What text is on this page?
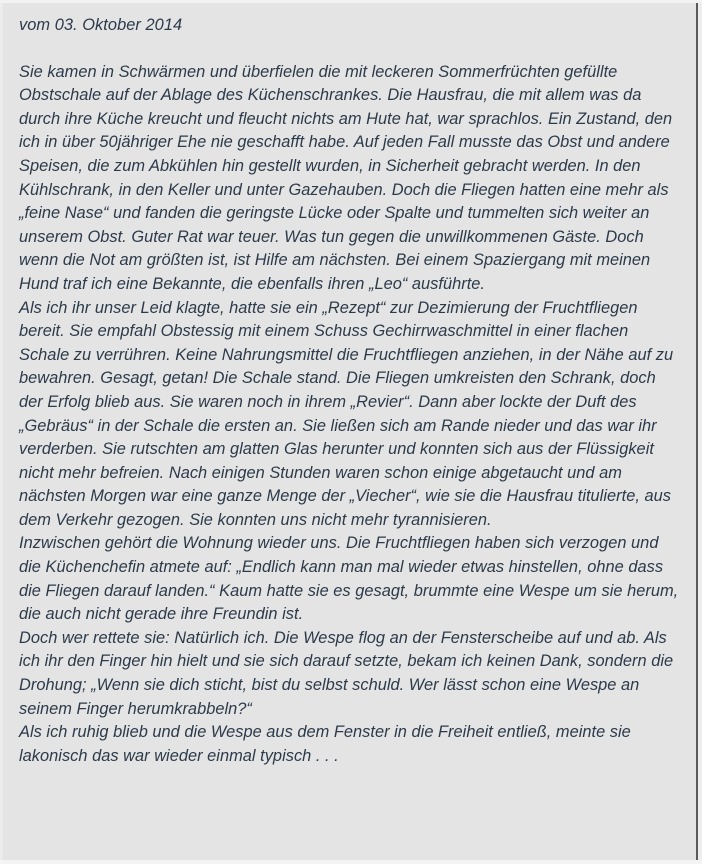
vom 03. Oktober 2014

Sie kamen in Schwärmen und überfielen die mit leckeren Sommerfrüchten gefüllte Obstschale auf der Ablage des Küchenschrankes. Die Hausfrau, die mit allem was da durch ihre Küche kreucht und fleucht nichts am Hute hat, war sprachlos. Ein Zustand, den ich in über 50jähriger Ehe nie geschafft habe. Auf jeden Fall musste das Obst und andere Speisen, die zum Abkühlen hin gestellt wurden, in Sicherheit gebracht werden. In den Kühlschrank, in den Keller und unter Gazehauben. Doch die Fliegen hatten eine mehr als „feine Nase“ und fanden die geringste Lücke oder Spalte und tummelten sich weiter an unserem Obst. Guter Rat war teuer. Was tun gegen die unwillkommenen Gäste. Doch wenn die Not am größten ist, ist Hilfe am nächsten. Bei einem Spaziergang mit meinen Hund traf ich eine Bekannte, die ebenfalls ihren „Leo“ ausführte.

Als ich ihr unser Leid klagte, hatte sie ein „Rezept“ zur Dezimierung der Fruchtfliegen bereit. Sie empfahl Obstessig mit einem Schuss Gechirrwaschmittel in einer flachen Schale zu verrühren. Keine Nahrungsmittel die Fruchtfliegen anziehen, in der Nähe auf zu bewahren. Gesagt, getan! Die Schale stand. Die Fliegen umkreisten den Schrank, doch der Erfolg blieb aus. Sie waren noch in ihrem „Revier“. Dann aber lockte der Duft des „Gebräus“ in der Schale die ersten an. Sie ließen sich am Rande nieder und das war ihr verderben. Sie rutschten am glatten Glas herunter und konnten sich aus der Flüssigkeit nicht mehr befreien. Nach einigen Stunden waren schon einige abgetaucht und am nächsten Morgen war eine ganze Menge der „Viecher“, wie sie die Hausfrau titulierte, aus dem Verkehr gezogen. Sie konnten uns nicht mehr tyrannisieren.

Inzwischen gehört die Wohnung wieder uns. Die Fruchtfliegen haben sich verzogen und die Küchenchefin atmete auf: „Endlich kann man mal wieder etwas hinstellen, ohne dass die Fliegen darauf landen.“ Kaum hatte sie es gesagt, brummte eine Wespe um sie herum, die auch nicht gerade ihre Freundin ist.

Doch wer rettete sie: Natürlich ich. Die Wespe flog an der Fensterscheibe auf und ab. Als ich ihr den Finger hin hielt und sie sich darauf setzte, bekam ich keinen Dank, sondern die Drohung; „Wenn sie dich sticht, bist du selbst schuld. Wer lässt schon eine Wespe an seinem Finger herumkrabbeln?“

Als ich ruhig blieb und die Wespe aus dem Fenster in die Freiheit entließ, meinte sie lakonisch das war wieder einmal typisch . . .
